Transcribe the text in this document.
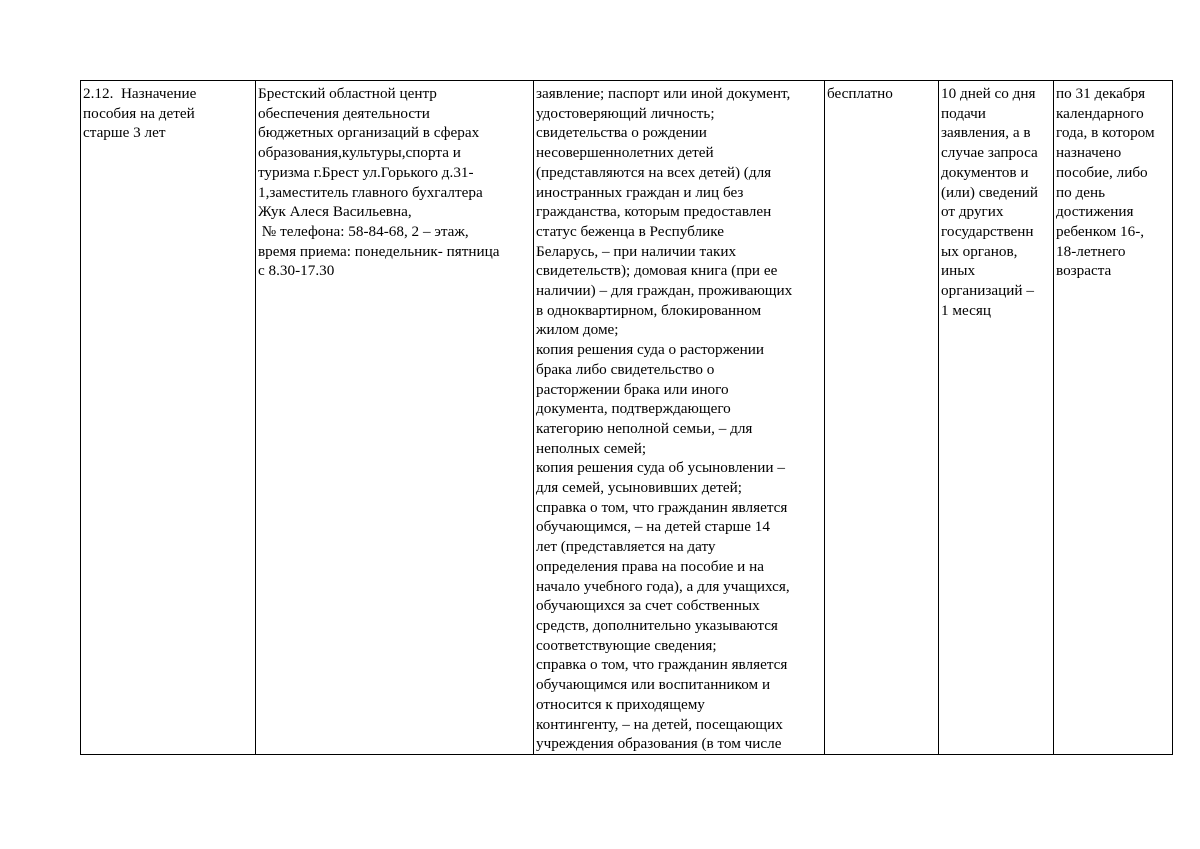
2.12.  Назначение
пособия на детей
старше 3 лет

Брестский областной центр
обеспечения деятельности
бюджетных организаций в сферах
образования,культуры,спорта и
туризма г.Брест ул.Горького д.31-
1,заместитель главного бухгалтера
Жук Алеся Васильевна,
№ телефона: 58-84-68, 2 – этаж,
время приема: понедельник- пятница
с 8.30-17.30

заявление; паспорт или иной документ,
удостоверяющий личность;
свидетельства о рождении
несовершеннолетних детей
(представляются на всех детей) (для
иностранных граждан и лиц без
гражданства, которым предоставлен
статус беженца в Республике
Беларусь, – при наличии таких
свидетельств); домовая книга (при ее
наличии) – для граждан, проживающих
в одноквартирном, блокированном
жилом доме;
копия решения суда о расторжении
брака либо свидетельство о
расторжении брака или иного
документа, подтверждающего
категорию неполной семьи, – для
неполных семей;
копия решения суда об усыновлении –
для семей, усыновивших детей;
справка о том, что гражданин является
обучающимся, – на детей старше 14
лет (представляется на дату
определения права на пособие и на
начало учебного года), а для учащихся,
обучающихся за счет собственных
средств, дополнительно указываются
соответствующие сведения;
справка о том, что гражданин является
обучающимся или воспитанником и
относится к приходящему
контингенту, – на детей, посещающих
учреждения образования (в том числе

бесплатно	10 дней со дня
подачи
заявления, а в
случае запроса
документов и
(или) сведений
от других
государственн
ых органов,
иных
организаций –
1 месяц

по 31 декабря
календарного
года, в котором
назначено
пособие, либо
по день
достижения
ребенком 16-,
18-летнего
возраста
